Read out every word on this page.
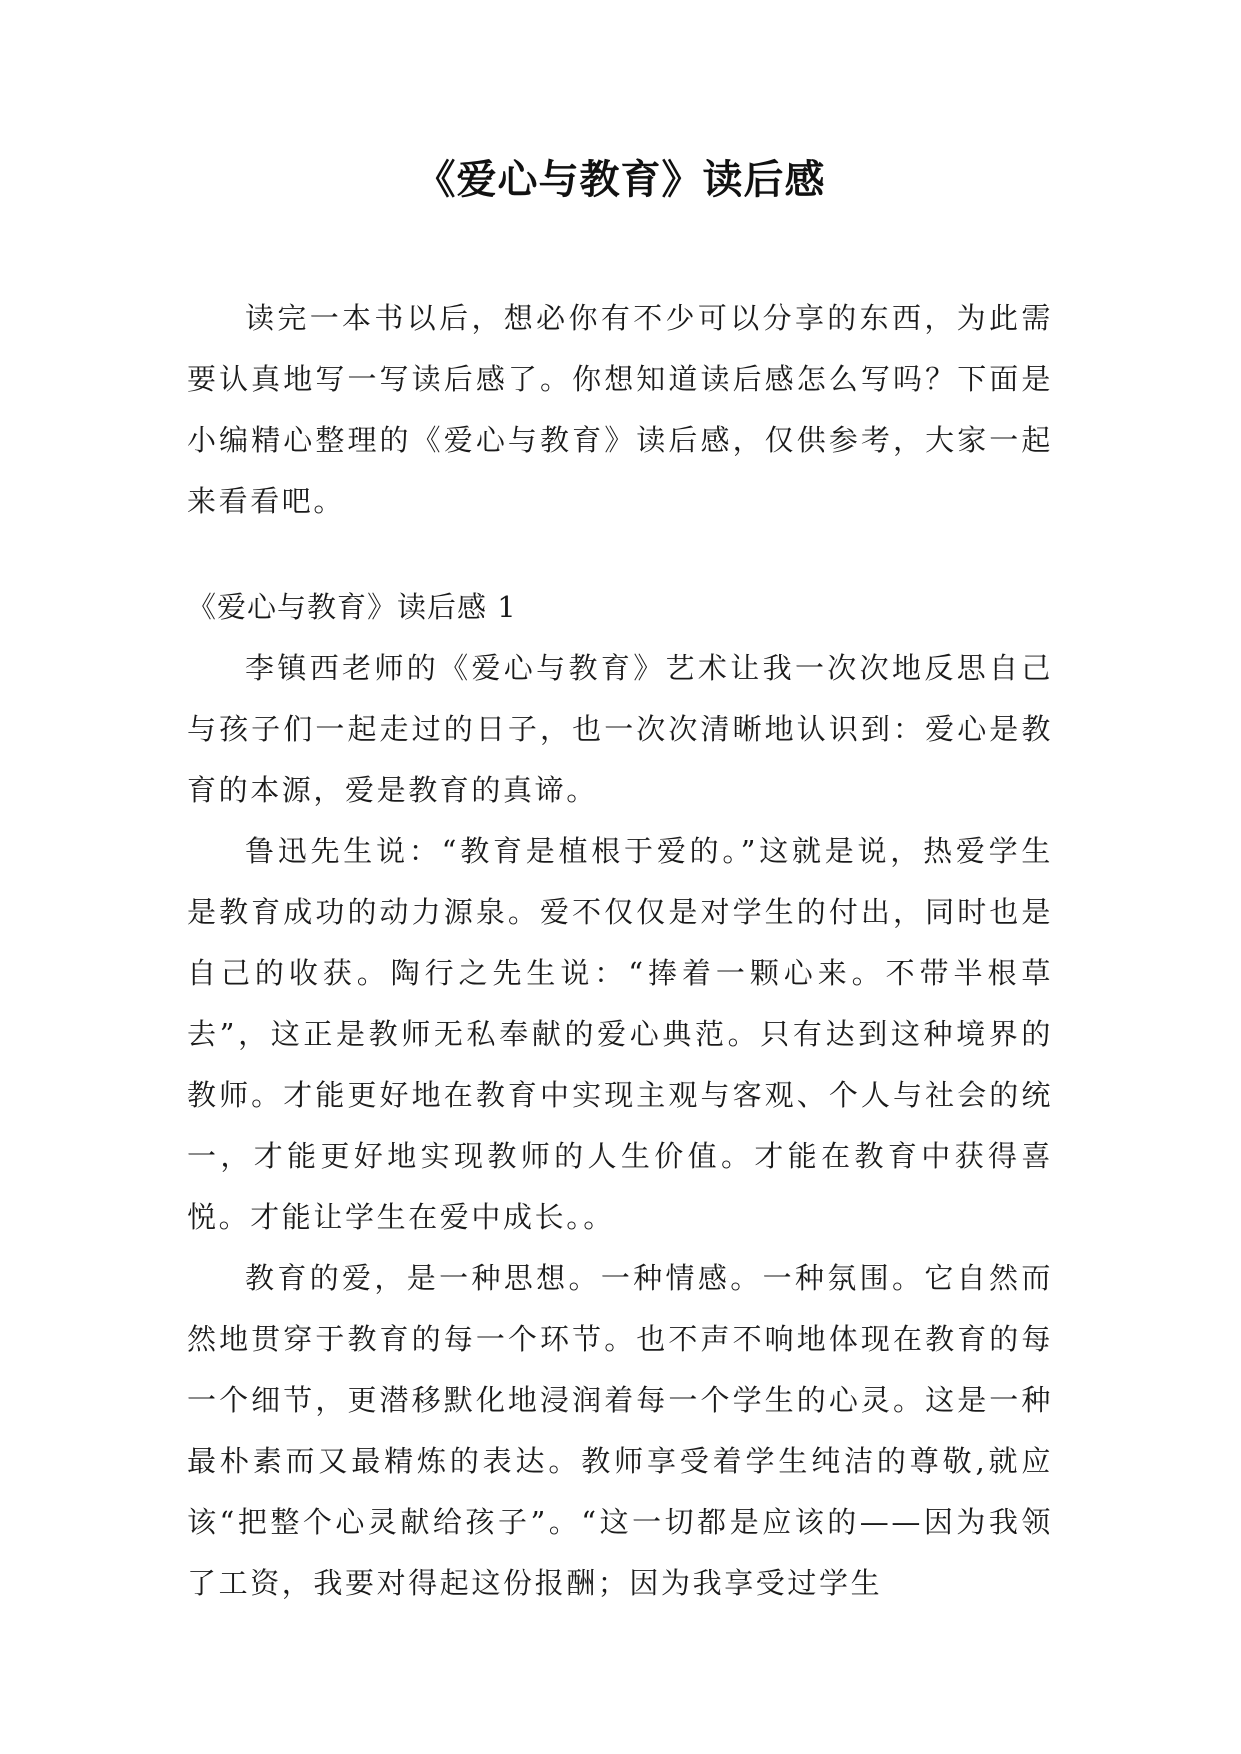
《爱心与教育》读后感

读完一本书以后，想必你有不少可以分享的东西，为此需要认真地写一写读后感了。你想知道读后感怎么写吗？下面是小编精心整理的《爱心与教育》读后感，仅供参考，大家一起来看看吧。

《爱心与教育》读后感 1

李镇西老师的《爱心与教育》艺术让我一次次地反思自己与孩子们一起走过的日子，也一次次清晰地认识到：爱心是教育的本源，爱是教育的真谛。

鲁迅先生说：“教育是植根于爱的。”这就是说，热爱学生是教育成功的动力源泉。爱不仅仅是对学生的付出，同时也是自己的收获。陶行之先生说：“捧着一颗心来。不带半根草去”，这正是教师无私奉献的爱心典范。只有达到这种境界的教师。才能更好地在教育中实现主观与客观、个人与社会的统一，才能更好地实现教师的人生价值。才能在教育中获得喜悦。才能让学生在爱中成长。。

教育的爱，是一种思想。一种情感。一种氛围。它自然而然地贯穿于教育的每一个环节。也不声不响地体现在教育的每一个细节，更潜移默化地浸润着每一个学生的心灵。这是一种最朴素而又最精炼的表达。教师享受着学生纯洁的尊敬,就应该“把整个心灵献给孩子”。“这一切都是应该的——因为我领了工资，我要对得起这份报酬；因为我享受过学生
